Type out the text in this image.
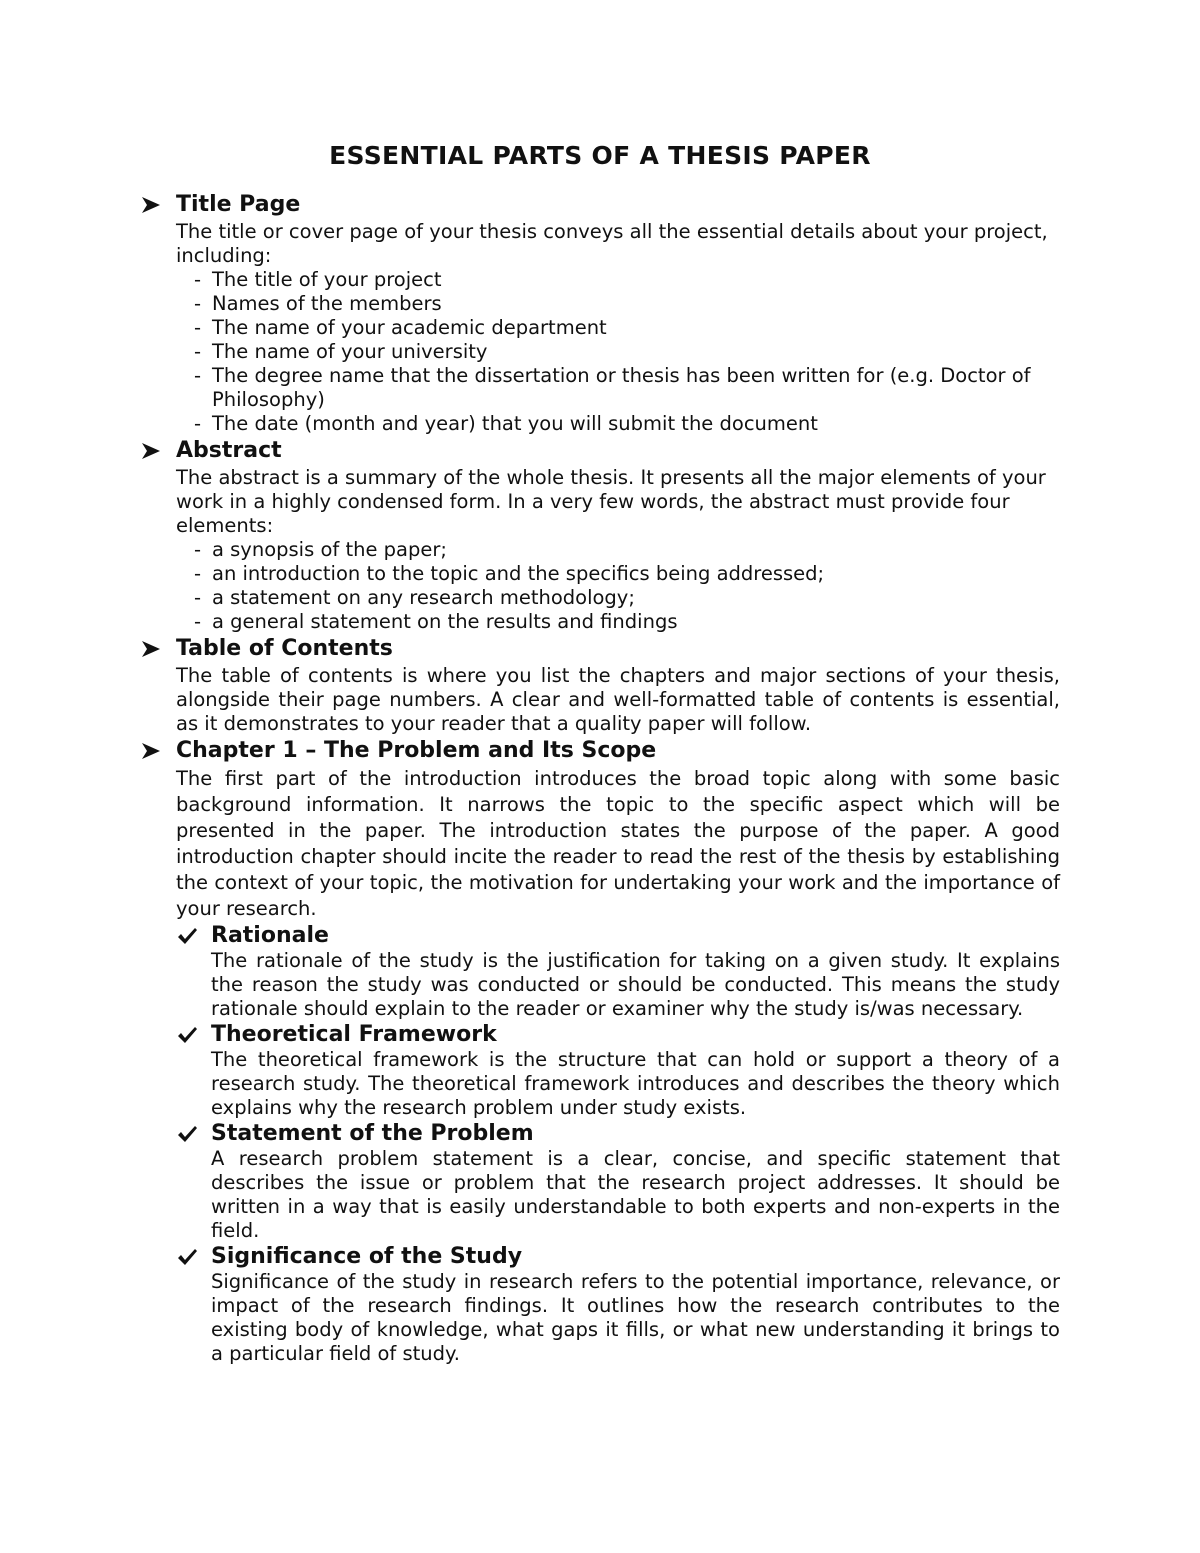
ESSENTIAL PARTS OF A THESIS PAPER
Title Page

The title or cover page of your thesis conveys all the essential details about your project, including:

- The title of your project
- Names of the members
- The name of your academic department
- The name of your university
- The degree name that the dissertation or thesis has been written for (e.g. Doctor of Philosophy)
- The date (month and year) that you will submit the document
Abstract

The abstract is a summary of the whole thesis. It presents all the major elements of your work in a highly condensed form. In a very few words, the abstract must provide four elements:

- a synopsis of the paper;
- an introduction to the topic and the specifics being addressed;
- a statement on any research methodology;
- a general statement on the results and findings
Table of Contents

The table of contents is where you list the chapters and major sections of your thesis, alongside their page numbers. A clear and well-formatted table of contents is essential, as it demonstrates to your reader that a quality paper will follow.

Chapter 1 – The Problem and Its Scope

The first part of the introduction introduces the broad topic along with some basic background information. It narrows the topic to the specific aspect which will be presented in the paper. The introduction states the purpose of the paper. A good introduction chapter should incite the reader to read the rest of the thesis by establishing the context of your topic, the motivation for undertaking your work and the importance of your research.

Rationale

The rationale of the study is the justification for taking on a given study. It explains the reason the study was conducted or should be conducted. This means the study rationale should explain to the reader or examiner why the study is/was necessary.

Theoretical Framework

The theoretical framework is the structure that can hold or support a theory of a research study. The theoretical framework introduces and describes the theory which explains why the research problem under study exists.

Statement of the Problem

A research problem statement is a clear, concise, and specific statement that describes the issue or problem that the research project addresses. It should be written in a way that is easily understandable to both experts and non-experts in the field.

Significance of the Study

Significance of the study in research refers to the potential importance, relevance, or impact of the research findings. It outlines how the research contributes to the existing body of knowledge, what gaps it fills, or what new understanding it brings to a particular field of study.
